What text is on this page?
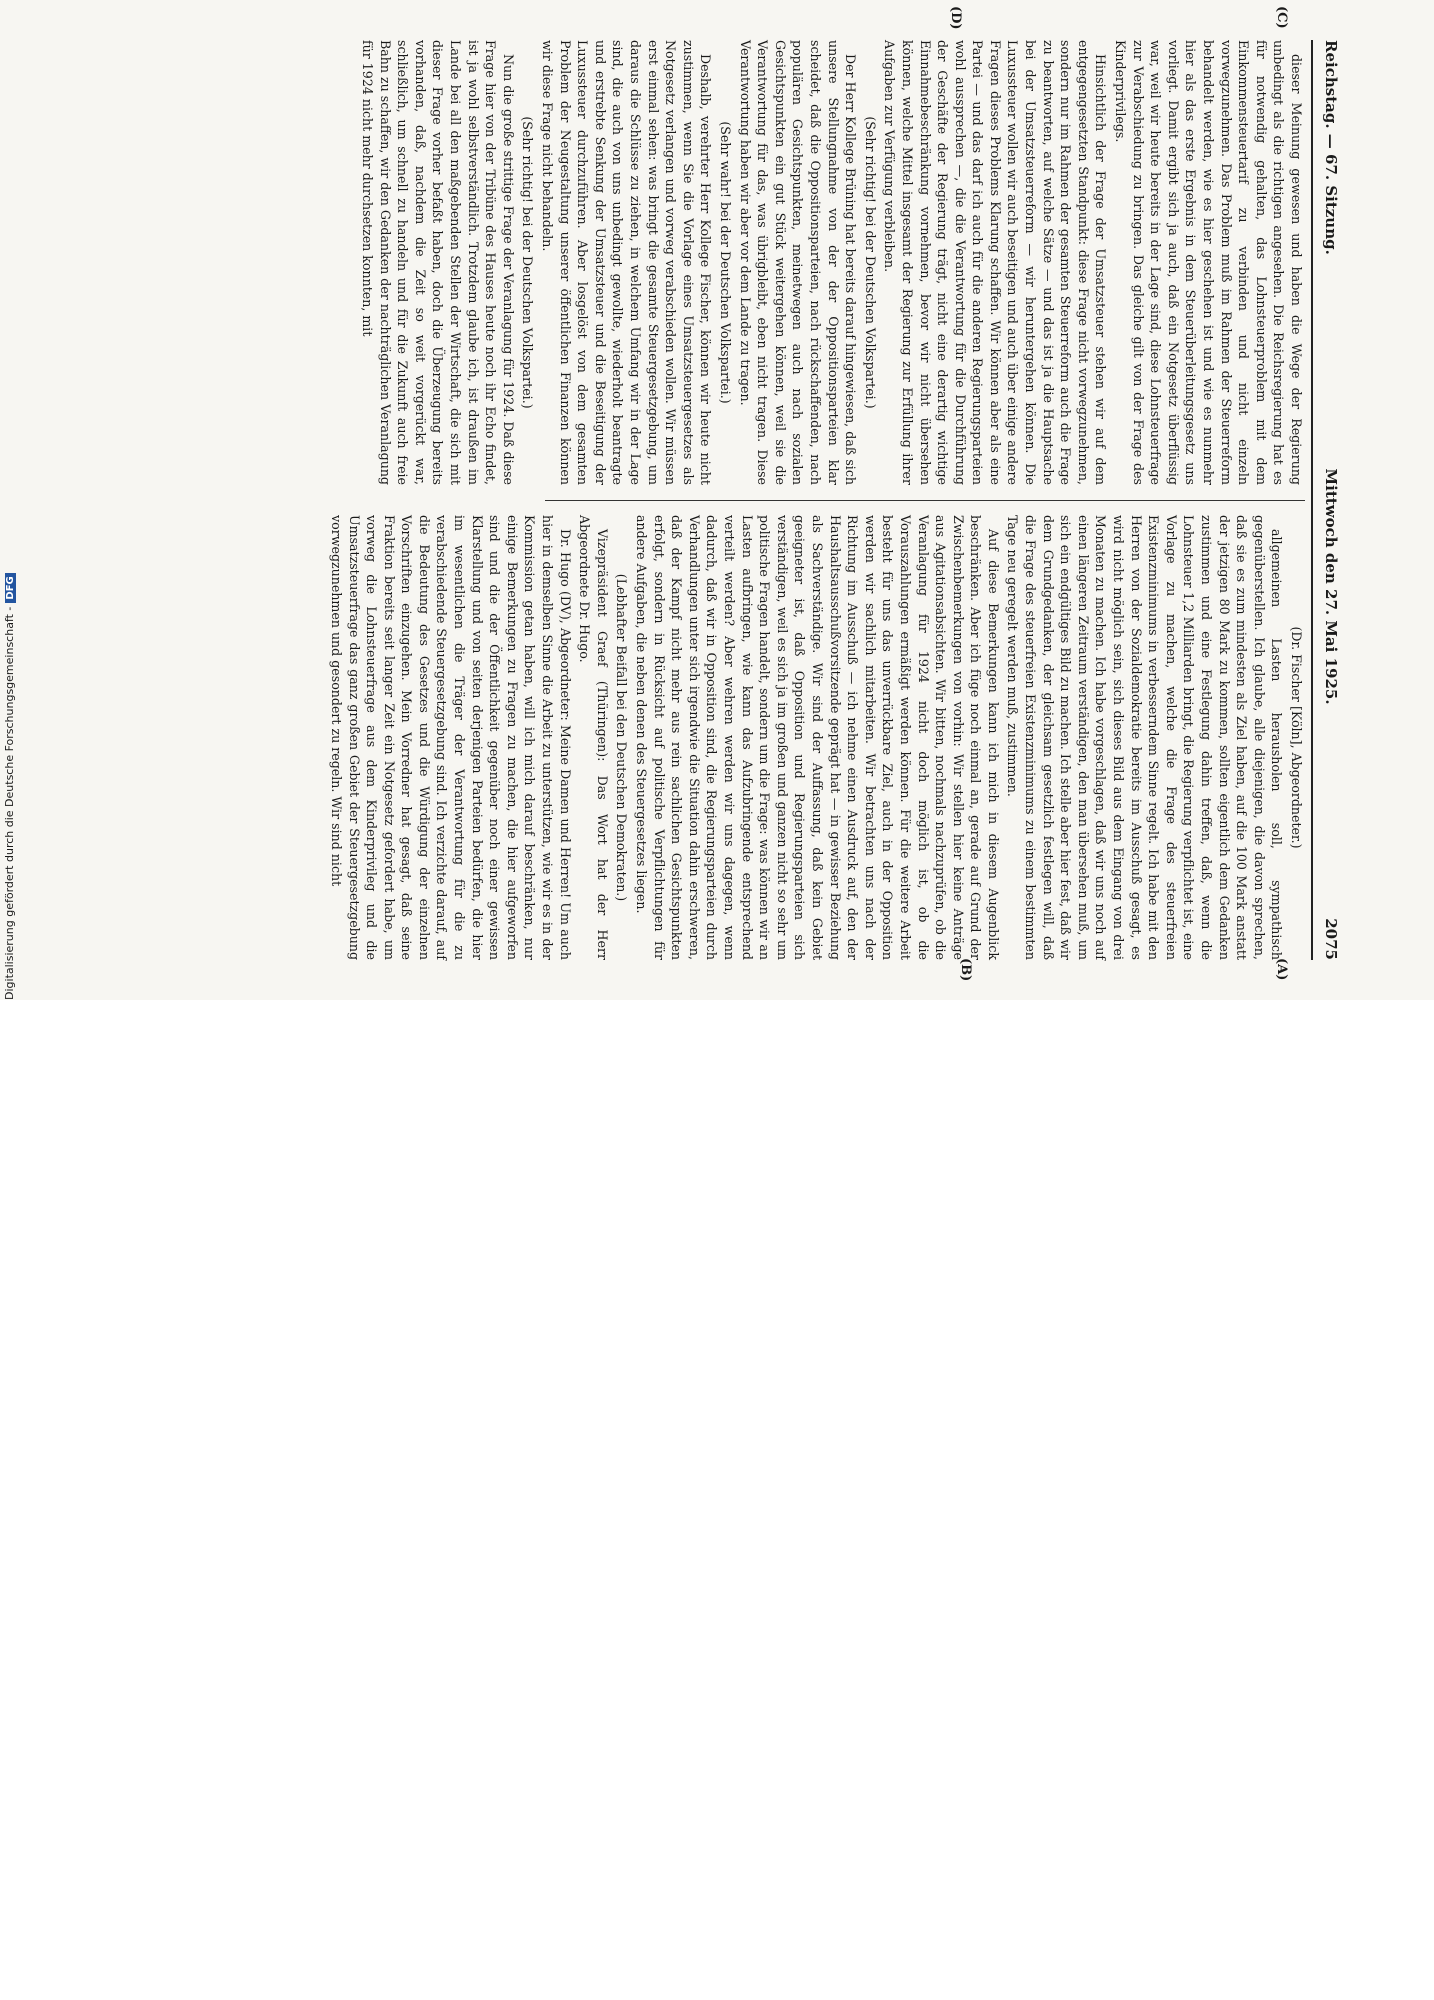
Reichstag. — 67. Sitzung.
Mittwoch den 27. Mai 1925.
2075

(Dr. Fischer [Köln], Abgeordneter.)

allgemeinen Lasten herausholen soll, sympathisch gegenüberstellen. Ich glaube, alle diejenigen, die davon sprechen, daß sie es zum mindesten als Ziel haben, auf die 100 Mark anstatt der jetzigen 80 Mark zu kommen, sollten eigentlich dem Gedanken zustimmen und eine Festlegung dahin treffen, daß, wenn die Lohnsteuer 1,2 Milliarden bringt, die Regierung verpflichtet ist, eine Vorlage zu machen, welche die Frage des steuerfreien Existenzminimums in verbesserndem Sinne regelt. Ich habe mit den Herren von der Sozialdemokratie bereits im Ausschuß gesagt, es wird nicht möglich sein, sich dieses Bild aus dem Eingang von drei Monaten zu machen. Ich habe vorgeschlagen, daß wir uns noch auf einen längeren Zeitraum verständigen, den man übersehen muß, um sich ein endgültiges Bild zu machen. Ich stelle aber hier fest, daß wir dem Grundgedanken, der gleichsam gesetzlich festlegen will, daß die Frage des steuerfreien Existenzminimums zu einem bestimmten Tage neu geregelt werden muß, zustimmen.

Auf diese Bemerkungen kann ich mich in diesem Augenblick beschränken. Aber ich füge noch einmal an, gerade auf Grund der Zwischenbemerkungen von vorhin: Wir stellen hier keine Anträge aus Agitationsabsichten. Wir bitten, nochmals nachzuprüfen, ob die Veranlagung für 1924 nicht doch möglich ist, ob die Vorauszahlungen ermäßigt werden können. Für die weitere Arbeit besteht für uns das unverrückbare Ziel, auch in der Opposition werden wir sachlich mitarbeiten. Wir betrachten uns nach der Richtung im Ausschuß — ich nehme einen Ausdruck auf, den der Haushaltsausschußvorsitzende geprägt hat — in gewisser Beziehung als Sachverständige. Wir sind der Auffassung, daß kein Gebiet geeigneter ist, daß Opposition und Regierungsparteien sich verständigen, weil es sich ja im großen und ganzen nicht so sehr um politische Fragen handelt, sondern um die Frage: was können wir an Lasten aufbringen, wie kann das Aufzubringende entsprechend verteilt werden? Aber wehren werden wir uns dagegen, wenn dadurch, daß wir in Opposition sind, die Regierungsparteien durch Verhandlungen unter sich irgendwie die Situation dahin erschweren, daß der Kampf nicht mehr aus rein sachlichen Gesichtspunkten erfolgt, sondern in Rücksicht auf politische Verpflichtungen für andere Aufgaben, die neben denen des Steuergesetzes liegen.

(Lebhafter Beifall bei den Deutschen Demokraten.)

Vizepräsident Graef (Thüringen): Das Wort hat der Herr Abgeordnete Dr. Hugo.

Dr. Hugo (DV), Abgeordneter: Meine Damen und Herren! Um auch hier in demselben Sinne die Arbeit zu unterstützen, wie wir es in der Kommission getan haben, will ich mich darauf beschränken, nur einige Bemerkungen zu Fragen zu machen, die hier aufgeworfen sind und die der Öffentlichkeit gegenüber noch einer gewissen Klarstellung und von seiten derjenigen Parteien bedürfen, die hier im wesentlichen die Träger der Verantwortung für die zu verabschiedende Steuergesetzgebung sind. Ich verzichte darauf, auf die Bedeutung des Gesetzes und die Würdigung der einzelnen Vorschriften einzugehen. Mein Vorredner hat gesagt, daß seine Fraktion bereits seit langer Zeit ein Notgesetz gefordert habe, um vorweg die Lohnsteuerfrage aus dem Kinderprivileg und die Umsatzsteuerfrage das ganz großen Gebiet der Steuergesetzgebung vorwegzunehmen und gesondert zu regeln. Wir sind nicht

dieser Meinung gewesen und haben die Wege der Regierung unbedingt als die richtigen angesehen. Die Reichsregierung hat es für notwendig gehalten, das Lohnsteuerproblem mit dem Einkommensteuertarif zu verbinden und nicht einzeln vorwegzunehmen. Das Problem muß im Rahmen der Steuerreform behandelt werden, wie es hier geschehen ist und wie es nunmehr hier als das erste Ergebnis in dem Steuerüberleitungsgesetz uns vorliegt. Damit ergibt sich ja auch, daß ein Notgesetz überflüssig war, weil wir heute bereits in der Lage sind, diese Lohnsteuerfrage zur Verabschiedung zu bringen. Das gleiche gilt von der Frage des Kinderprivilegs.

Hinsichtlich der Frage der Umsatzsteuer stehen wir auf dem entgegengesetzten Standpunkt: diese Frage nicht vorwegzunehmen, sondern nur im Rahmen der gesamten Steuerreform auch die Frage zu beantworten, auf welche Sätze — und das ist ja die Hauptsache bei der Umsatzsteuerreform — wir heruntergehen können. Die Luxussteuer wollen wir auch beseitigen und auch über einige andere Fragen dieses Problems Klarung schaffen. Wir können aber als eine Partei — und das darf ich auch für die anderen Regierungsparteien wohl aussprechen —, die die Verantwortung für die Durchführung der Geschäfte der Regierung trägt, nicht eine derartig wichtige Einnahmebeschränkung vornehmen, bevor wir nicht übersehen können, welche Mittel insgesamt der Regierung zur Erfüllung ihrer Aufgaben zur Verfügung verbleiben.

(Sehr richtig! bei der Deutschen Volkspartei.)

Der Herr Kollege Brüning hat bereits darauf hingewiesen, daß sich unsere Stellungnahme von der der Oppositionsparteien klar scheidet, daß die Oppositionsparteien, nach rückschaffenden, nach populären Gesichtspunkten, meinetwegen auch nach sozialen Gesichtspunkten ein gut Stück weitergehen können, weil sie die Verantwortung für das, was übrigbleibt, eben nicht tragen. Diese Verantwortung haben wir aber vor dem Lande zu tragen.

(Sehr wahr! bei der Deutschen Volkspartei.)

Deshalb, verehrter Herr Kollege Fischer, können wir heute nicht zustimmen, wenn Sie die Vorlage eines Umsatzsteuergesetzes als Notgesetz verlangen und vorweg verabschieden wollen. Wir müssen erst einmal sehen: was bringt die gesamte Steuergesetzgebung, um daraus die Schlüsse zu ziehen, in welchem Umfang wir in der Lage sind, die auch von uns unbedingt gewollte, wiederholt beantragte und erstrebte Senkung der Umsatzsteuer und die Beseitigung der Luxussteuer durchzuführen. Aber losgelöst von dem gesamten Problem der Neugestaltung unserer öffentlichen Finanzen können wir diese Frage nicht behandeln.

(Sehr richtig! bei der Deutschen Volkspartei.)

Nun die große strittige Frage der Veranlagung für 1924. Daß diese Frage hier von der Tribüne des Hauses heute noch ihr Echo findet, ist ja wohl selbstverständlich. Trotzdem glaube ich, ist draußen im Lande bei all den maßgebenden Stellen der Wirtschaft, die sich mit dieser Frage vorher befaßt haben, doch die Überzeugung bereits vorhanden, daß, nachdem die Zeit so weit vorgerückt war, schließlich, um schnell zu handeln und für die Zukunft auch freie Bahn zu schaffen, wir den Gedanken der nachträglichen Veranlagung für 1924 nicht mehr durchsetzen konnten, mit

(A)
(B)
(C)
(D)
Digitalisierung gefördert durch die Deutsche Forschungsgemeinschaft -DFG
